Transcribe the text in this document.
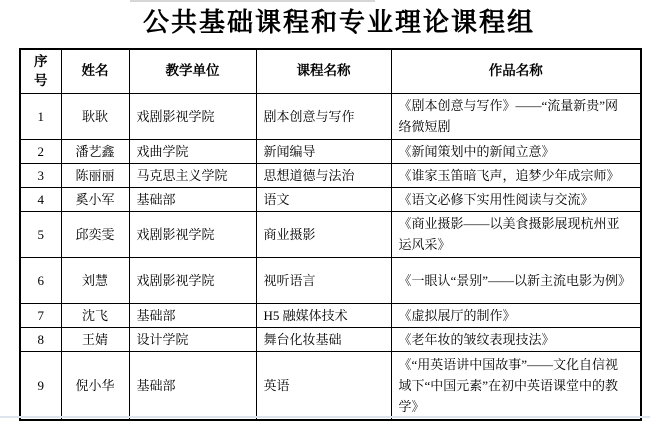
公共基础课程和专业理论课程组
序号	姓名	教学单位	课程名称	作品名称
1	耿耿	戏剧影视学院	剧本创意与写作	《剧本创意与写作》——“流量新贵”网络微短剧
2	潘艺鑫	戏曲学院	新闻编导	《新闻策划中的新闻立意》
3	陈丽丽	马克思主义学院	思想道德与法治	《谁家玉笛暗飞声，追梦少年成宗师》
4	奚小军	基础部	语文	《语文必修下实用性阅读与交流》
5	邱奕雯	戏剧影视学院	商业摄影	《商业摄影——以美食摄影展现杭州亚运风采》
6	刘慧	戏剧影视学院	视听语言	《一眼认“景别”——以新主流电影为例》
7	沈飞	基础部	H5 融媒体技术	《虚拟展厅的制作》
8	王婧	设计学院	舞台化妆基础	《老年妆的皱纹表现技法》
9	倪小华	基础部	英语	《“用英语讲中国故事”——文化自信视域下“中国元素”在初中英语课堂中的教学》
